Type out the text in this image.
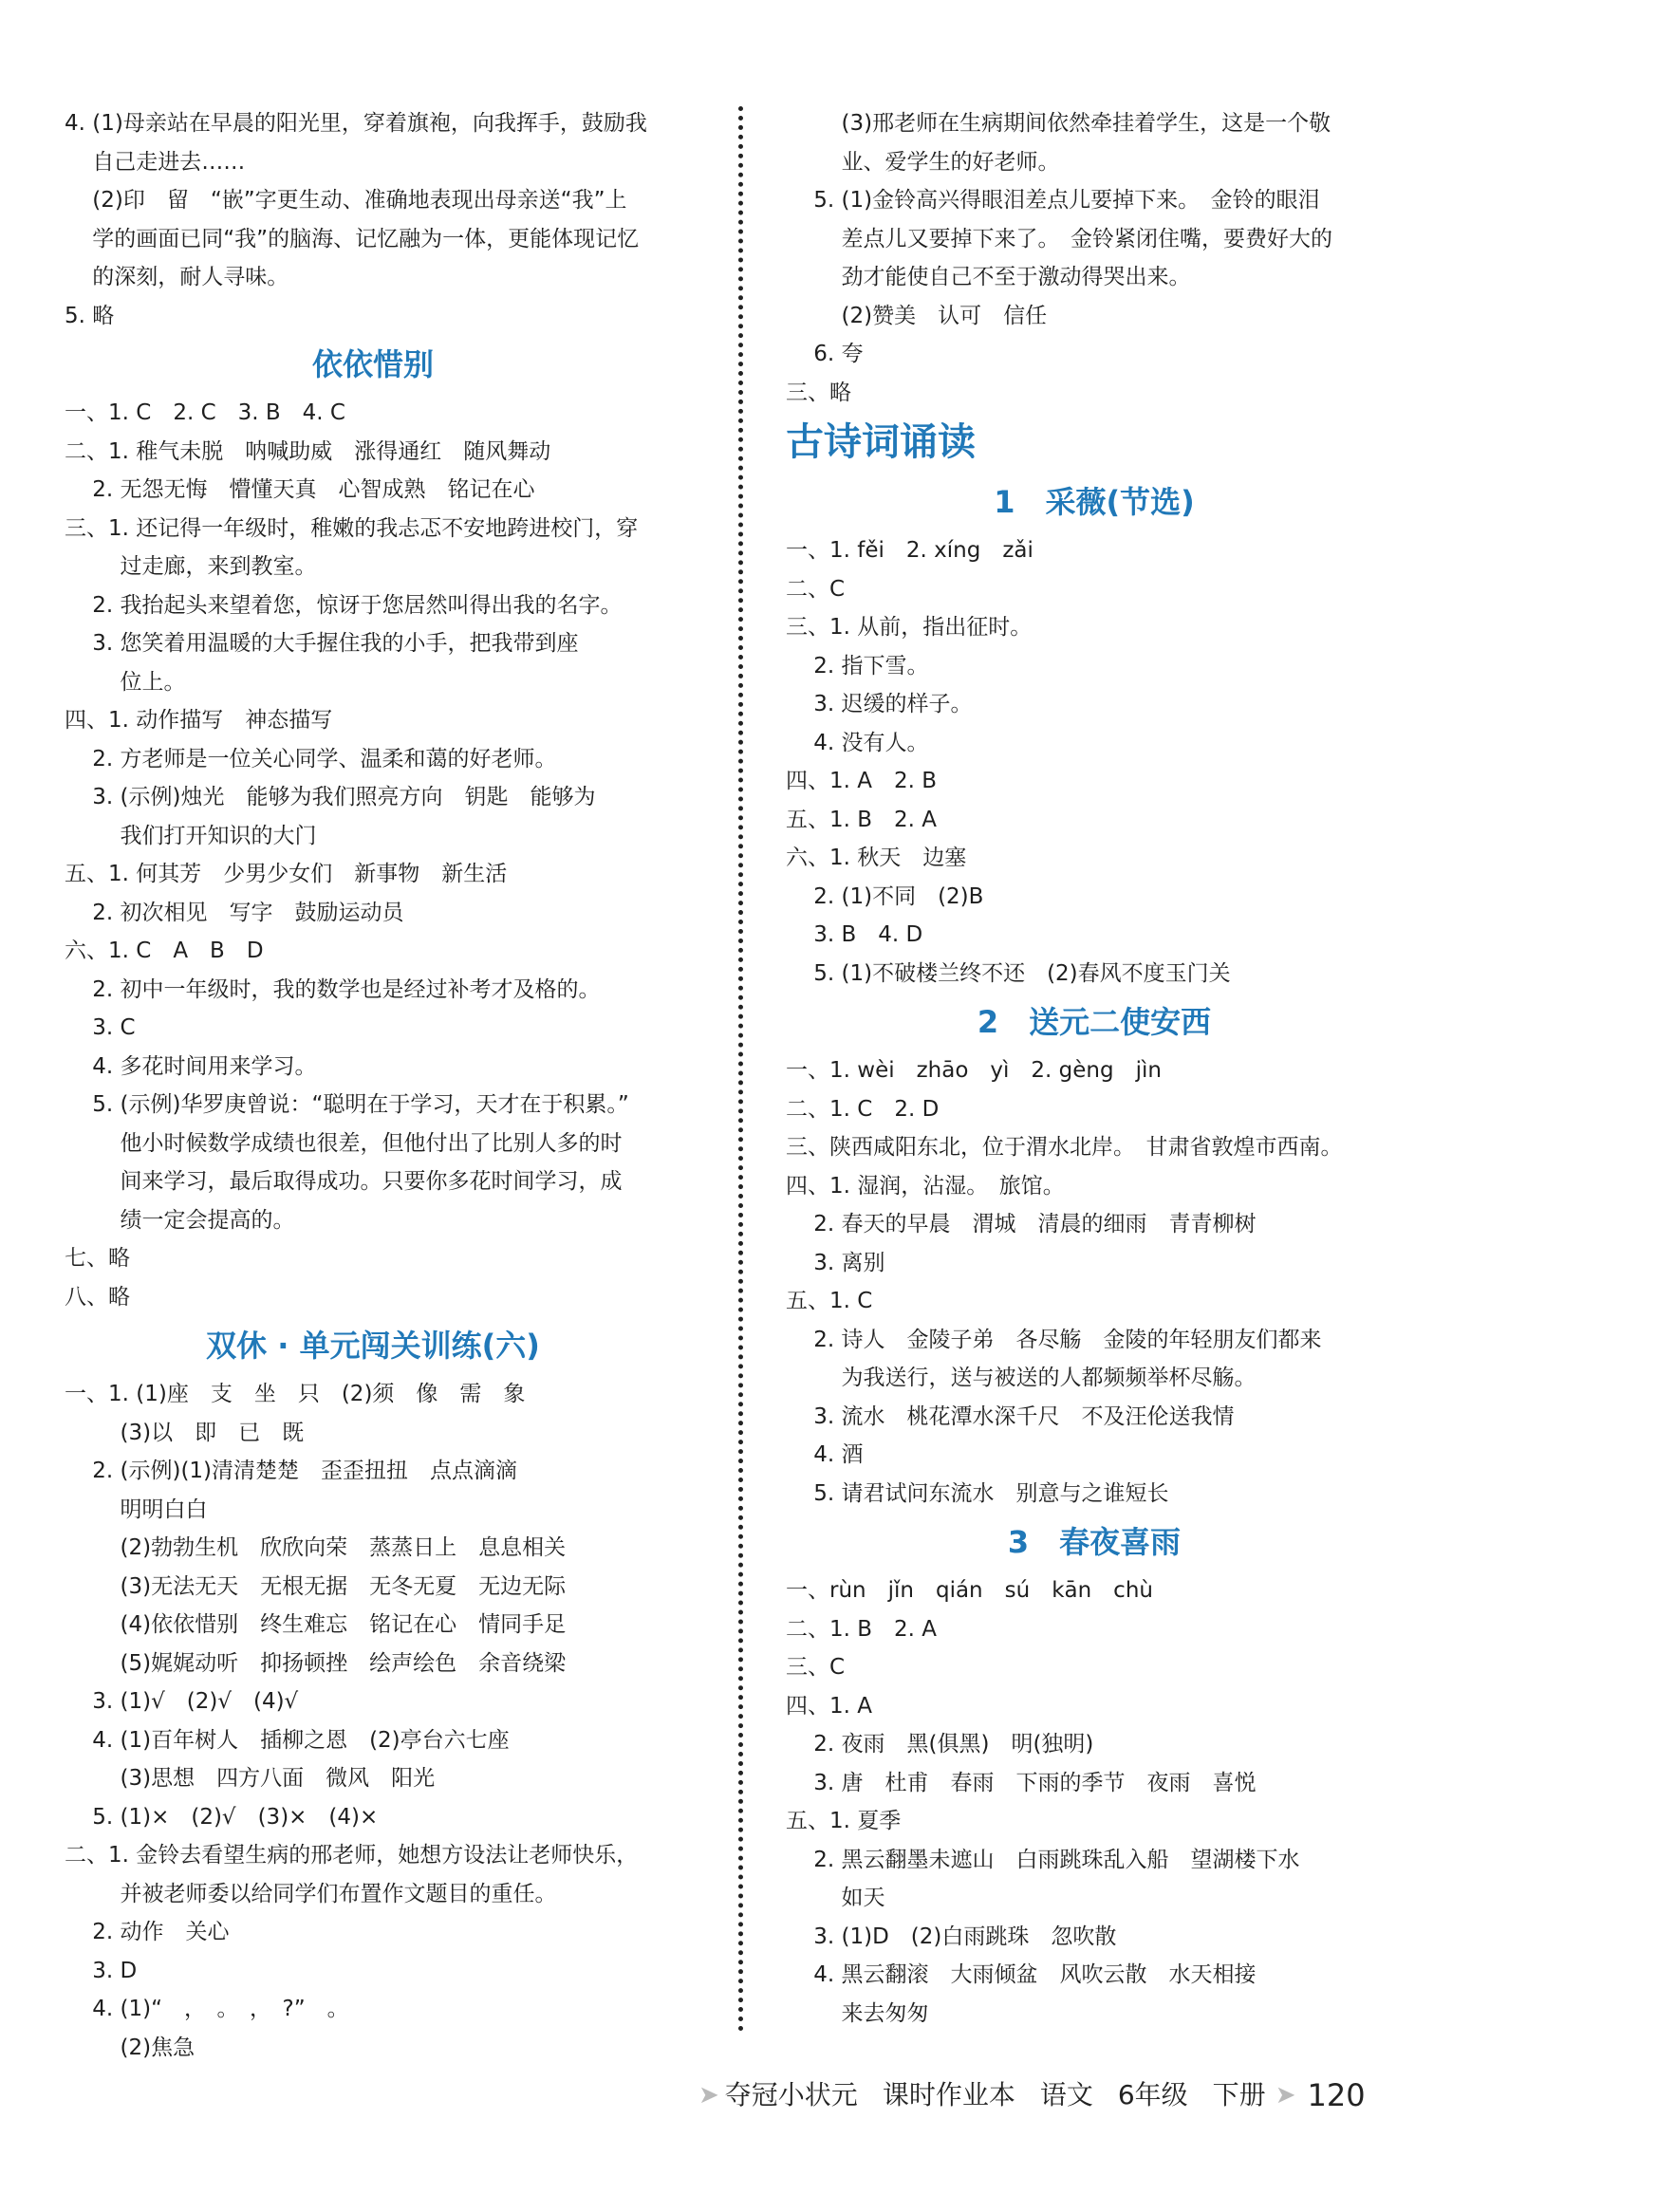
4. (1)母亲站在早晨的阳光里，穿着旗袍，向我挥手，鼓励我
自己走进去……
(2)印　留　“嵌”字更生动、准确地表现出母亲送“我”上
学的画面已同“我”的脑海、记忆融为一体，更能体现记忆
的深刻，耐人寻味。
5. 略
依依惜别
一、1. C　2. C　3. B　4. C
二、1. 稚气未脱　呐喊助威　涨得通红　随风舞动
2. 无怨无悔　懵懂天真　心智成熟　铭记在心
三、1. 还记得一年级时，稚嫩的我忐忑不安地跨进校门，穿
过走廊，来到教室。
2. 我抬起头来望着您，惊讶于您居然叫得出我的名字。
3. 您笑着用温暖的大手握住我的小手，把我带到座
位上。
四、1. 动作描写　神态描写
2. 方老师是一位关心同学、温柔和蔼的好老师。
3. (示例)烛光　能够为我们照亮方向　钥匙　能够为
我们打开知识的大门
五、1. 何其芳　少男少女们　新事物　新生活
2. 初次相见　写字　鼓励运动员
六、1. C　A　B　D
2. 初中一年级时，我的数学也是经过补考才及格的。
3. C
4. 多花时间用来学习。
5. (示例)华罗庚曾说：“聪明在于学习，天才在于积累。”
他小时候数学成绩也很差，但他付出了比别人多的时
间来学习，最后取得成功。只要你多花时间学习，成
绩一定会提高的。
七、略
八、略
双休 · 单元闯关训练(六)
一、1. (1)座　支　坐　只　(2)须　像　需　象
(3)以　即　已　既
2. (示例)(1)清清楚楚　歪歪扭扭　点点滴滴
明明白白
(2)勃勃生机　欣欣向荣　蒸蒸日上　息息相关
(3)无法无天　无根无据　无冬无夏　无边无际
(4)依依惜别　终生难忘　铭记在心　情同手足
(5)娓娓动听　抑扬顿挫　绘声绘色　余音绕梁
3. (1)√　(2)√　(4)√
4. (1)百年树人　插柳之恩　(2)亭台六七座
(3)思想　四方八面　微风　阳光
5. (1)×　(2)√　(3)×　(4)×
二、1. 金铃去看望生病的邢老师，她想方设法让老师快乐，
并被老师委以给同学们布置作文题目的重任。
2. 动作　关心
3. D
4. (1)“　，　。　，　?”　。
(2)焦急
(3)邢老师在生病期间依然牵挂着学生，这是一个敬
业、爱学生的好老师。
5. (1)金铃高兴得眼泪差点儿要掉下来。　金铃的眼泪
差点儿又要掉下来了。　金铃紧闭住嘴，要费好大的
劲才能使自己不至于激动得哭出来。
(2)赞美　认可　信任
6. 夸
三、略
古诗词诵读
1　采薇(节选)
一、1. fěi　2. xíng　zǎi
二、C
三、1. 从前，指出征时。
2. 指下雪。
3. 迟缓的样子。
4. 没有人。
四、1. A　2. B
五、1. B　2. A
六、1. 秋天　边塞
2. (1)不同　(2)B
3. B　4. D
5. (1)不破楼兰终不还　(2)春风不度玉门关
2　送元二使安西
一、1. wèi　zhāo　yì　2. gèng　jìn
二、1. C　2. D
三、陕西咸阳东北，位于渭水北岸。　甘肃省敦煌市西南。
四、1. 湿润，沾湿。　旅馆。
2. 春天的早晨　渭城　清晨的细雨　青青柳树
3. 离别
五、1. C
2. 诗人　金陵子弟　各尽觞　金陵的年轻朋友们都来
为我送行，送与被送的人都频频举杯尽觞。
3. 流水　桃花潭水深千尺　不及汪伦送我情
4. 酒
5. 请君试问东流水　别意与之谁短长
3　春夜喜雨
一、rùn　jǐn　qián　sú　kān　chù
二、1. B　2. A
三、C
四、1. A
2. 夜雨　黑(俱黑)　明(独明)
3. 唐　杜甫　春雨　下雨的季节　夜雨　喜悦
五、1. 夏季
2. 黑云翻墨未遮山　白雨跳珠乱入船　望湖楼下水
如天
3. (1)D　(2)白雨跳珠　忽吹散
4. 黑云翻滚　大雨倾盆　风吹云散　水天相接
来去匆匆
➤ 夺冠小状元 课时作业本 语文 6年级 下册 ➤ 120
